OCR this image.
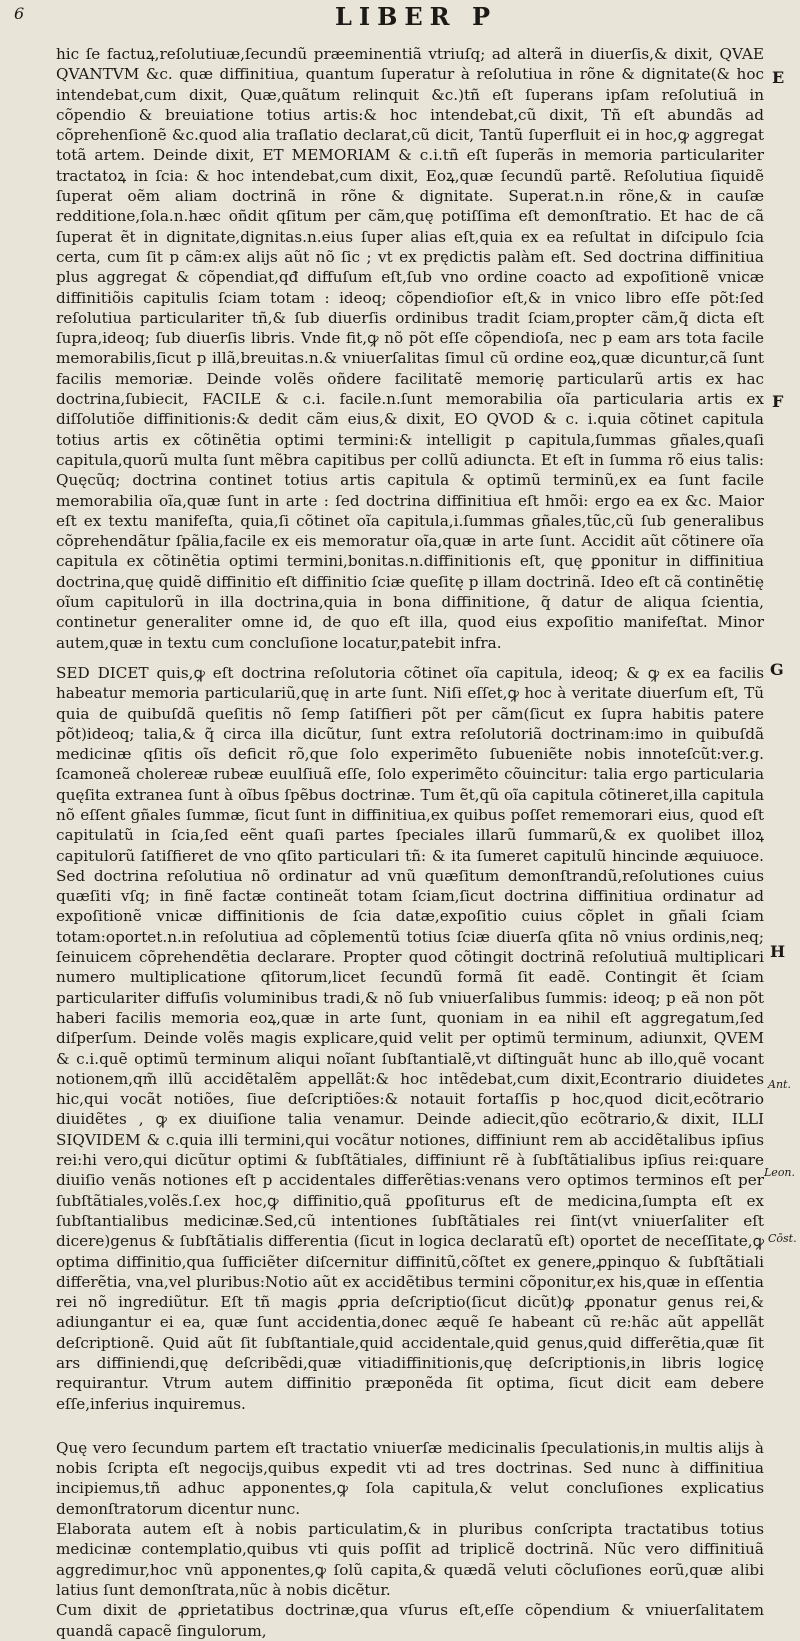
6	LIBER P

hic ſe factuꝝ,reſolutiuæ,ſecundũ præeminentiã vtriuſq; ad alterã in diuerſis,& dixit, QVAE QVANTVM &c. quæ diffinitiua, quantum ſuperatur à reſolutiua in rõne & dignitate(& hoc intendebat,cum dixit, Quæ,quãtum relinquit &c.)tñ eſt ſuperans ipſam reſolutiuã in cõpendio & breuiatione totius artis:& hoc intendebat,cũ dixit, Tñ eſt abundãs ad cõprehenſionẽ &c.quod alia traſlatio declarat,cũ dicit, Tantũ ſuperfluit ei in hoc,ꝙ aggregat totã artem. Deinde dixit, ET MEMORIAM & c.i.tñ eſt ſuperãs in memoria particulariter tractatoꝝ in ſcia: & hoc intendebat,cum dixit, Eoꝝ,quæ ſecundũ partẽ. Reſolutiua ſiquidẽ ſuperat oẽm aliam doctrinã in rõne & dignitate. Superat.n.in rõne,& in cauſæ redditione,ſola.n.hæc oñdit qſitum per cãm,quę potiſſima eſt demonſtratio. Et hac de cã ſuperat ẽt in dignitate,dignitas.n.eius ſuper alias eſt,quia ex ea reſultat in diſcipulo ſcia certa, cum ſit p cãm:ex alijs aũt nõ ſic ; vt ex prędictis palàm eſt. Sed doctrina diffinitiua plus aggregat & cõpendiat,qđ diffuſum eſt,ſub vno ordine coacto ad expoſitionẽ vnicæ diffinitiõis capitulis ſciam totam : ideoq; cõpendioſior eſt,& in vnico libro eſſe põt:ſed reſolutiua particulariter tñ,& ſub diuerſis ordinibus tradit ſciam,propter cãm,q̃ dicta eſt ſupra,ideoq; ſub diuerſis libris. Vnde fit,ꝙ nõ põt eſſe cõpendioſa, nec p eam ars tota facile memorabilis,ſicut p illã,breuitas.n.& vniuerſalitas ſimul cũ ordine eoꝝ,quæ dicuntur,cã ſunt facilis memoriæ. Deinde volẽs oñdere facilitatẽ memorię particularũ artis ex hac doctrina,ſubiecit, FACILE & c.i. facile.n.ſunt memorabilia oĩa particularia artis ex diſſolutiõe diffinitionis:& dedit cãm eius,& dixit, EO QVOD & c. i.quia cõtinet capitula totius artis ex cõtinẽtia optimi termini:& intelligit p capitula,ſummas gñales,quaſi capitula,quorũ multa ſunt mẽbra capitibus per collũ adiuncta. Et eſt in ſumma rõ eius talis: Quęcũq; doctrina continet totius artis capitula & optimũ terminũ,ex ea ſunt facile memorabilia oĩa,quæ ſunt in arte : ſed doctrina diffinitiua eſt hmõi: ergo ea ex &c. Maior eſt ex textu manifeſta, quia,ſi cõtinet oĩa capitula,i.ſummas gñales,tũc,cũ ſub generalibus cõprehendãtur ſpãlia,facile ex eis memoratur oĩa,quæ in arte ſunt. Accidit aũt cõtinere oĩa capitula ex cõtinẽtia optimi termini,bonitas.n.diffinitionis eſt, quę ꝑponitur in diffinitiua doctrina,quę quidẽ diffinitio eſt diffinitio ſciæ queſitę p illam doctrinã. Ideo eſt cã continẽtię oĩum capitulorũ in illa doctrina,quia in bona diffinitione, q̃ datur de aliqua ſcientia, continetur generaliter omne id, de quo eſt illa, quod eius expoſitio manifeſtat. Minor autem,quæ in textu cum concluſione locatur,patebit infra.

SED DICET quis,ꝙ eſt doctrina reſolutoria cõtinet oĩa capitula, ideoq; & ꝙ ex ea facilis habeatur memoria particulariũ,quę in arte ſunt. Niſi eſſet,ꝙ hoc à veritate diuerſum eſt, Tũ quia de quibuſdã queſitis nõ ſemp ſatiſfieri põt per cãm(ſicut ex ſupra habitis patere põt)ideoq; talia,& q̃ circa illa dicũtur, ſunt extra reſolutoriã doctrinam:imo in quibuſdã medicinæ qſitis oĩs deficit rõ,que ſolo experimẽto ſubueniẽte nobis innoteſcũt:ver.g. ſcamoneã cholereæ rubeæ euulſiuã eſſe, ſolo experimẽto cõuincitur: talia ergo particularia quęſita extranea ſunt à oĩbus ſpẽbus doctrinæ. Tum ẽt,qũ oĩa capitula cõtineret,illa capitula nõ eſſent gñales ſummæ, ſicut ſunt in diffinitiua,ex quibus poſſet rememorari eius, quod eſt capitulatũ in ſcia,ſed eẽnt quaſi partes ſpeciales illarũ ſummarũ,& ex quolibet illoꝝ capitulorũ ſatiſfieret de vno qſito particulari tñ: & ita ſumeret capitulũ hincinde æquiuoce. Sed doctrina reſolutiua nõ ordinatur ad vnũ quæſitum demonſtrandũ,reſolutiones cuius quæſiti vſq; in finẽ factæ contineãt totam ſciam,ſicut doctrina diffinitiua ordinatur ad expoſitionẽ vnicæ diffinitionis de ſcia datæ,expoſitio cuius cõplet in gñali ſciam totam:oportet.n.in reſolutiua ad cõplementũ totius ſciæ diuerſa qſita nõ vnius ordinis,neq; ſeinuicem cõprehendẽtia declarare. Propter quod cõtingit doctrinã reſolutiuã multiplicari numero multiplicatione qſitorum,licet ſecundũ formã ſit eadẽ. Contingit ẽt ſciam particulariter diffuſis voluminibus tradi,& nõ ſub vniuerſalibus ſummis: ideoq; p eã non põt haberi facilis memoria eoꝝ,quæ in arte ſunt, quoniam in ea nihil eſt aggregatum,ſed diſperſum. Deinde volẽs magis explicare,quid velit per optimũ terminum, adiunxit, QVEM & c.i.quẽ optimũ terminum aliqui noĩant ſubſtantialẽ,vt diſtinguãt hunc ab illo,quẽ vocant notionem,qm̃ illũ accidẽtalẽm appellãt:& hoc intẽdebat,cum dixit,Econtrario diuidetes hic,qui vocãt notiões, ſiue deſcriptiões:& notauit fortaſſis p hoc,quod dicit,ecõtrario diuidẽtes , ꝙ ex diuiſione talia venamur. Deinde adiecit,qũo ecõtrario,& dixit, ILLI SIQVIDEM & c.quia illi termini,qui vocãtur notiones, diffiniunt rem ab accidẽtalibus ipſius rei:hi vero,qui dicũtur optimi & ſubſtãtiales, diffiniunt rẽ à ſubſtãtialibus ipſius rei:quare diuiſio venãs notiones eſt p accidentales differẽtias:venans vero optimos terminos eſt per ſubſtãtiales,volẽs.ſ.ex hoc,ꝙ diffinitio,quã ꝑpoſiturus eſt de medicina,ſumpta eſt ex ſubſtantialibus medicinæ.Sed,cũ intentiones ſubſtãtiales rei ſint(vt vniuerſaliter eſt dicere)genus & ſubſtãtialis differentia (ſicut in logica declaratũ eſt) oportet de neceſſitate,ꝙ optima diffinitio,qua ſufficiẽter diſcernitur diffinitũ,cõſtet ex genere,ꝓpinquo & ſubſtãtiali differẽtia, vna,vel pluribus:Notio aũt ex accidẽtibus termini cõponitur,ex his,quæ in eſſentia rei nõ ingrediũtur. Eſt tñ magis ꝓpria deſcriptio(ſicut dicũt)ꝙ ꝓponatur genus rei,& adiungantur ei ea, quæ ſunt accidentia,donec æquẽ ſe habeant cũ re:hãc aũt appellãt deſcriptionẽ. Quid aũt ſit ſubſtantiale,quid accidentale,quid genus,quid differẽtia,quæ ſit ars diffiniendi,quę deſcribẽdi,quæ vitiadiffinitionis,quę deſcriptionis,in libris logicę requirantur. Vtrum autem diffinitio præponẽda ſit optima, ſicut dicit eam debere eſſe,inferius inquiremus.

Quę vero ſecundum partem eſt tractatio vniuerſæ medicinalis ſpeculationis,in multis alijs à nobis ſcripta eſt negocijs,quibus expedit vti ad tres doctrinas. Sed nunc à diffinitiua incipiemus,tñ adhuc apponentes,ꝙ ſola capitula,& velut concluſiones explicatius demonſtratorum dicentur nunc.

Elaborata autem eſt à nobis particulatim,& in pluribus conſcripta tractatibus totius medicinæ contemplatio,quibus vti quis poſſit ad triplicẽ doctrinã. Nũc vero diffinitiuã aggredimur,hoc vnũ apponentes,ꝙ ſolũ capita,& quædã veluti cõcluſiones eorũ,quæ alibi latius ſunt demonſtrata,nũc à nobis dicẽtur.

Cum dixit de ꝓprietatibus doctrinæ,qua vſurus eſt,eſſe cõpendium & vniuerſalitatem quandã capacẽ ſingulorum,

E
F
G
H
Ant.
Leon.
Cōst.
